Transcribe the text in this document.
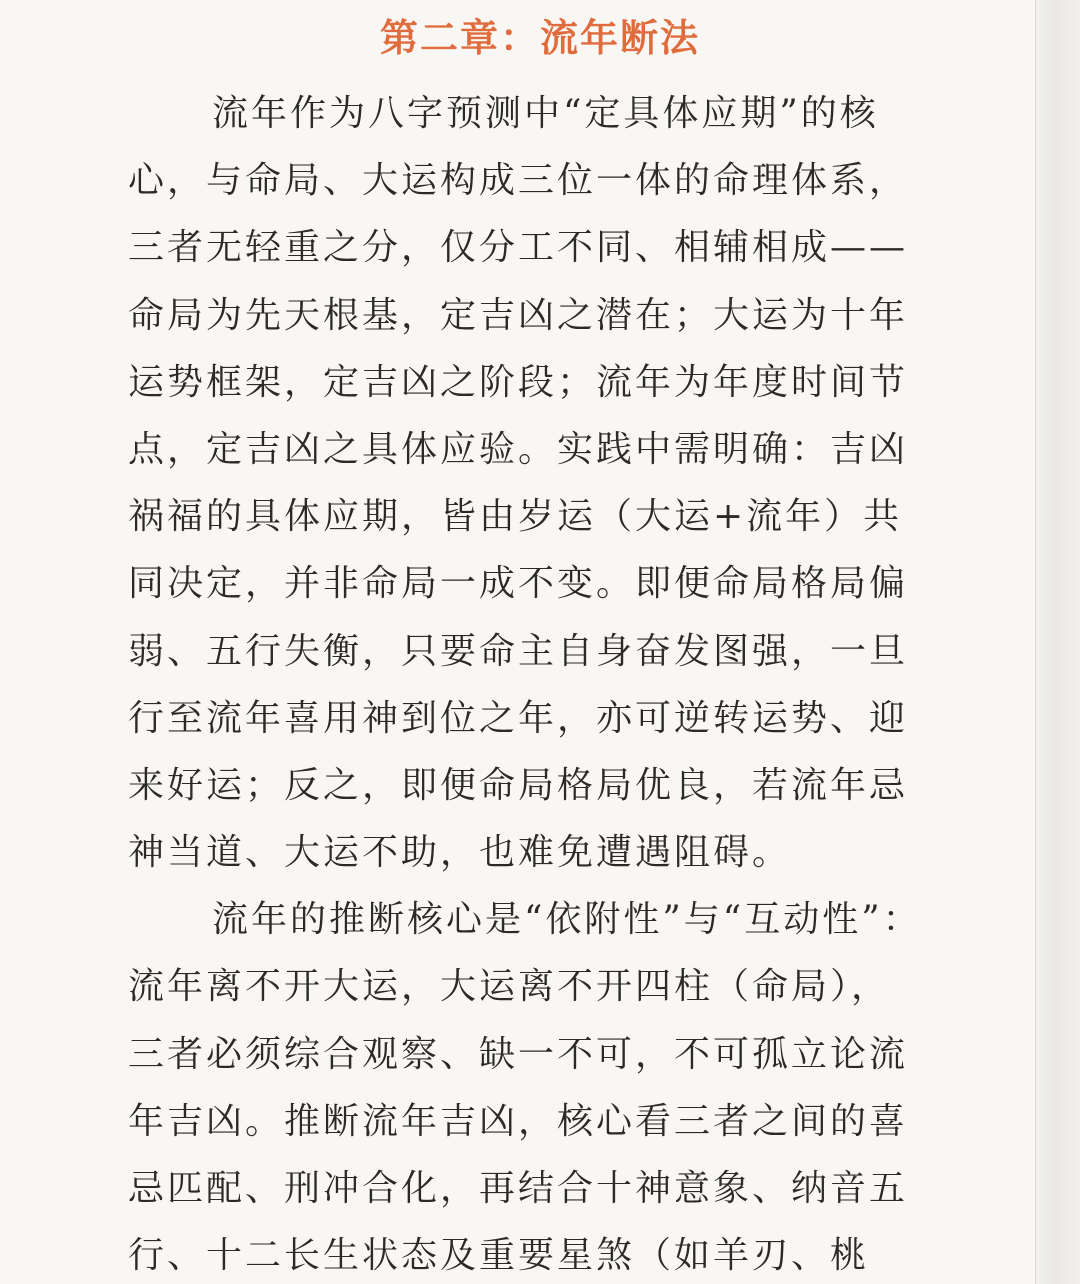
第二章：流年断法
流年作为八字预测中“定具体应期”的核
心，与命局、大运构成三位一体的命理体系，
三者无轻重之分，仅分工不同、相辅相成——
命局为先天根基，定吉凶之潜在；大运为十年
运势框架，定吉凶之阶段；流年为年度时间节
点，定吉凶之具体应验。实践中需明确：吉凶
祸福的具体应期，皆由岁运（大运+流年）共
同决定，并非命局一成不变。即便命局格局偏
弱、五行失衡，只要命主自身奋发图强，一旦
行至流年喜用神到位之年，亦可逆转运势、迎
来好运；反之，即便命局格局优良，若流年忌
神当道、大运不助，也难免遭遇阻碍。
流年的推断核心是“依附性”与“互动性”：
流年离不开大运，大运离不开四柱（命局），
三者必须综合观察、缺一不可，不可孤立论流
年吉凶。推断流年吉凶，核心看三者之间的喜
忌匹配、刑冲合化，再结合十神意象、纳音五
行、十二长生状态及重要星煞（如羊刃、桃
